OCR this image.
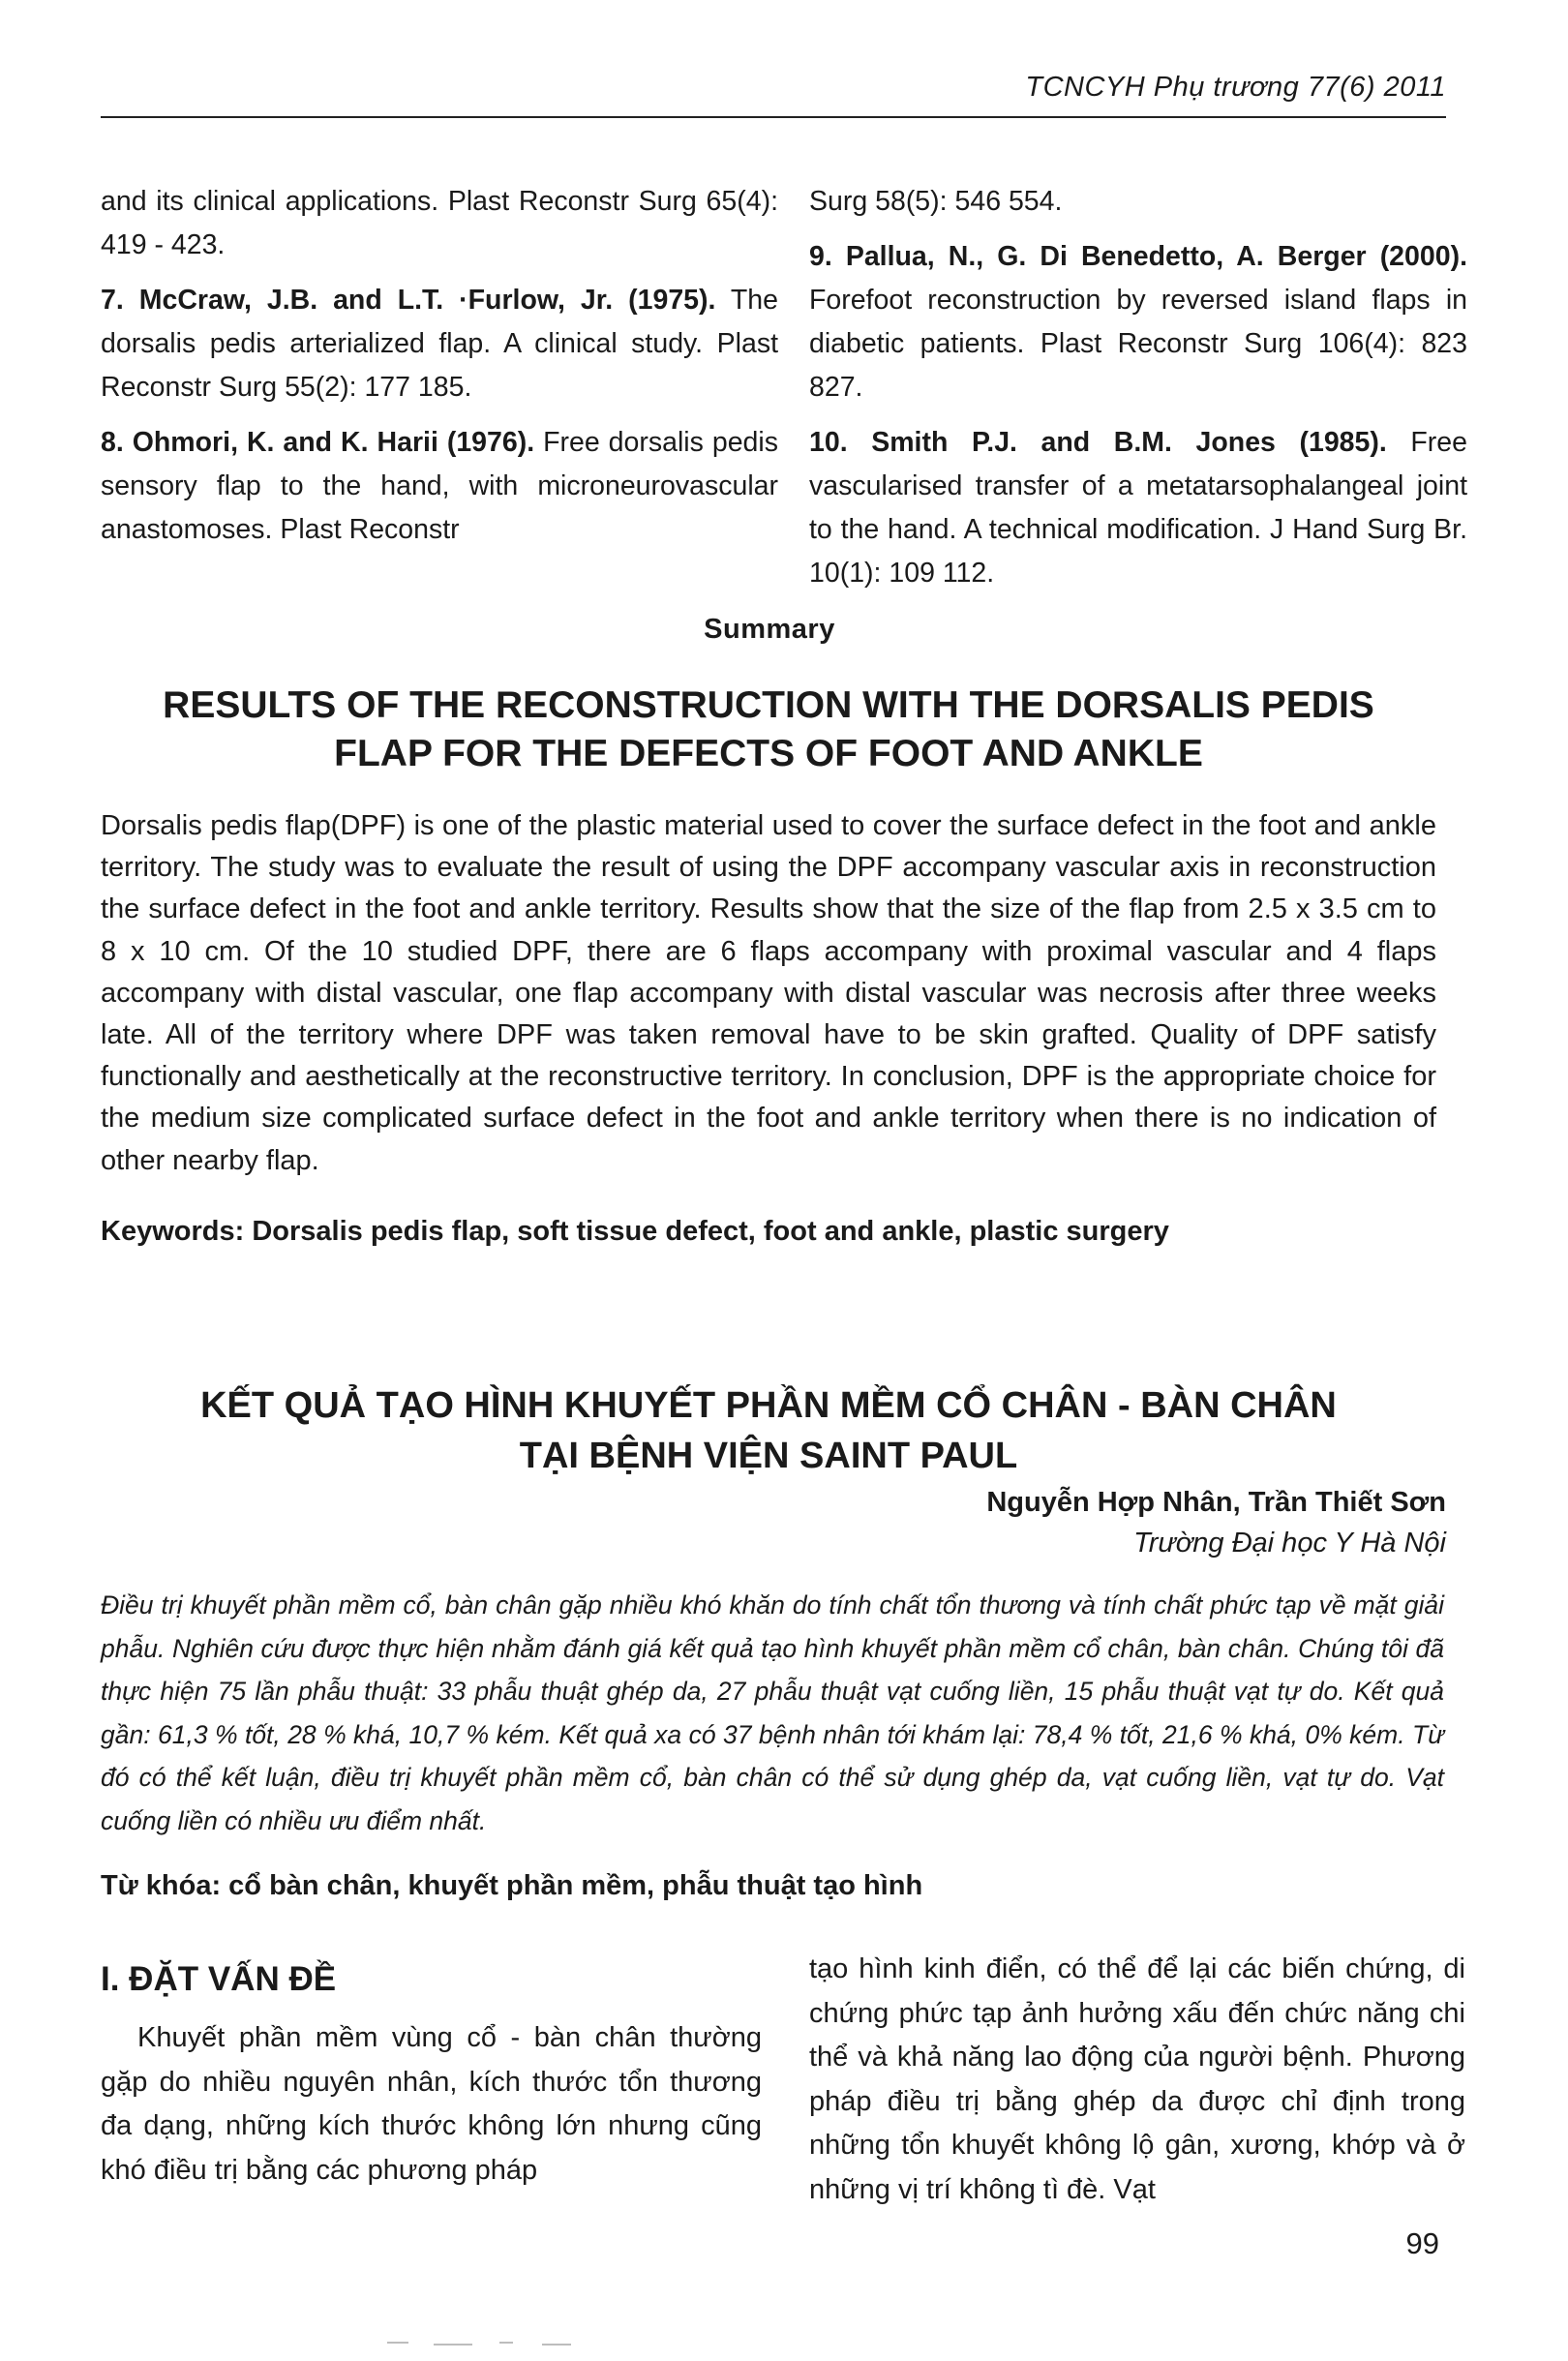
TCNCYH Phụ trương 77(6) 2011

and its clinical applications. Plast Reconstr Surg 65(4): 419 - 423.

7. McCraw, J.B. and L.T. ·Furlow, Jr. (1975). The dorsalis pedis arterialized flap. A clinical study. Plast Reconstr Surg 55(2): 177 185.

8. Ohmori, K. and K. Harii (1976). Free dorsalis pedis sensory flap to the hand, with microneurovascular anastomoses. Plast Reconstr

Surg 58(5): 546 554.

9. Pallua, N., G. Di Benedetto, A. Berger (2000). Forefoot reconstruction by reversed island flaps in diabetic patients. Plast Reconstr Surg 106(4): 823 827.

10. Smith P.J. and B.M. Jones (1985). Free vascularised transfer of a metatarsophalangeal joint to the hand. A technical modification. J Hand Surg Br. 10(1): 109 112.

Summary
RESULTS OF THE RECONSTRUCTION WITH THE DORSALIS PEDIS
FLAP FOR THE DEFECTS OF FOOT AND ANKLE

Dorsalis pedis flap(DPF) is one of the plastic material used to cover the surface defect in the foot and ankle territory. The study was to evaluate the result of using the DPF accompany vascular axis in reconstruction the surface defect in the foot and ankle territory. Results show that the size of the flap from 2.5 x 3.5 cm to 8 x 10 cm. Of the 10 studied DPF, there are 6 flaps accompany with proximal vascular and 4 flaps accompany with distal vascular, one flap accompany with distal vascular was necrosis after three weeks late. All of the territory where DPF was taken removal have to be skin grafted. Quality of DPF satisfy functionally and aesthetically at the reconstructive territory. In conclusion, DPF is the appropriate choice for the medium size complicated surface defect in the foot and ankle territory when there is no indication of other nearby flap.

Keywords: Dorsalis pedis flap, soft tissue defect, foot and ankle, plastic surgery
KẾT QUẢ TẠO HÌNH KHUYẾT PHẦN MỀM CỔ CHÂN - BÀN CHÂN
TẠI BỆNH VIỆN SAINT PAUL
Nguyễn Hợp Nhân, Trần Thiết Sơn
Trường Đại học Y Hà Nội

Điều trị khuyết phần mềm cổ, bàn chân gặp nhiều khó khăn do tính chất tổn thương và tính chất phức tạp về mặt giải phẫu. Nghiên cứu được thực hiện nhằm đánh giá kết quả tạo hình khuyết phần mềm cổ chân, bàn chân. Chúng tôi đã thực hiện 75 lần phẫu thuật: 33 phẫu thuật ghép da, 27 phẫu thuật vạt cuống liền, 15 phẫu thuật vạt tự do. Kết quả gần: 61,3 % tốt, 28 % khá, 10,7 % kém. Kết quả xa có 37 bệnh nhân tới khám lại: 78,4 % tốt, 21,6 % khá, 0% kém. Từ đó có thể kết luận, điều trị khuyết phần mềm cổ, bàn chân có thể sử dụng ghép da, vạt cuống liền, vạt tự do. Vạt cuống liền có nhiều ưu điểm nhất.

Từ khóa: cổ bàn chân, khuyết phần mềm, phẫu thuật tạo hình
I. ĐẶT VẤN ĐỀ

Khuyết phần mềm vùng cổ - bàn chân thường gặp do nhiều nguyên nhân, kích thước tổn thương đa dạng, những kích thước không lớn nhưng cũng khó điều trị bằng các phương pháp

tạo hình kinh điển, có thể để lại các biến chứng, di chứng phức tạp ảnh hưởng xấu đến chức năng chi thể và khả năng lao động của người bệnh. Phương pháp điều trị bằng ghép da được chỉ định trong những tổn khuyết không lộ gân, xương, khớp và ở những vị trí không tì đè. Vạt

99
